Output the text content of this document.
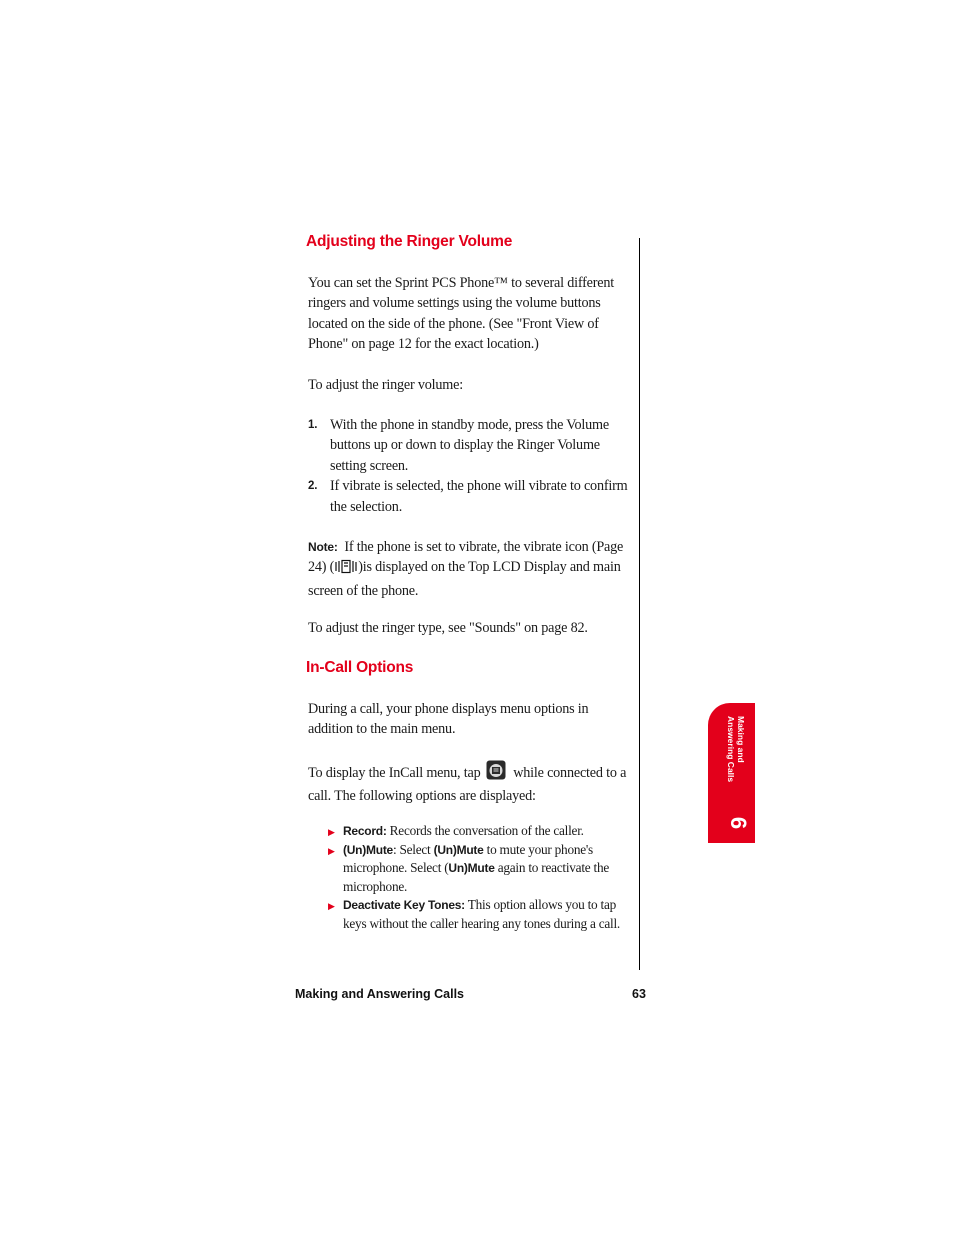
Adjusting the Ringer Volume

You can set the Sprint PCS Phone™ to several different ringers and volume settings using the volume buttons located on the side of the phone. (See "Front View of Phone" on page 12 for the exact location.)

To adjust the ringer volume:

1. With the phone in standby mode, press the Volume buttons up or down to display the Ringer Volume setting screen.
2. If vibrate is selected, the phone will vibrate to confirm the selection.

Note: If the phone is set to vibrate, the vibrate icon (Page 24) ( )is displayed on the Top LCD Display and main screen of the phone.

To adjust the ringer type, see "Sounds" on page 82.

In-Call Options

During a call, your phone displays menu options in addition to the main menu.

To display the InCall menu, tap while connected to a call. The following options are displayed:

▶ Record: Records the conversation of the caller.
▶ (Un)Mute: Select (Un)Mute to mute your phone's microphone. Select (Un)Mute again to reactivate the microphone.
▶ Deactivate Key Tones: This option allows you to tap keys without the caller hearing any tones during a call.
Making and
Answering Calls
6
Making and Answering Calls	63
